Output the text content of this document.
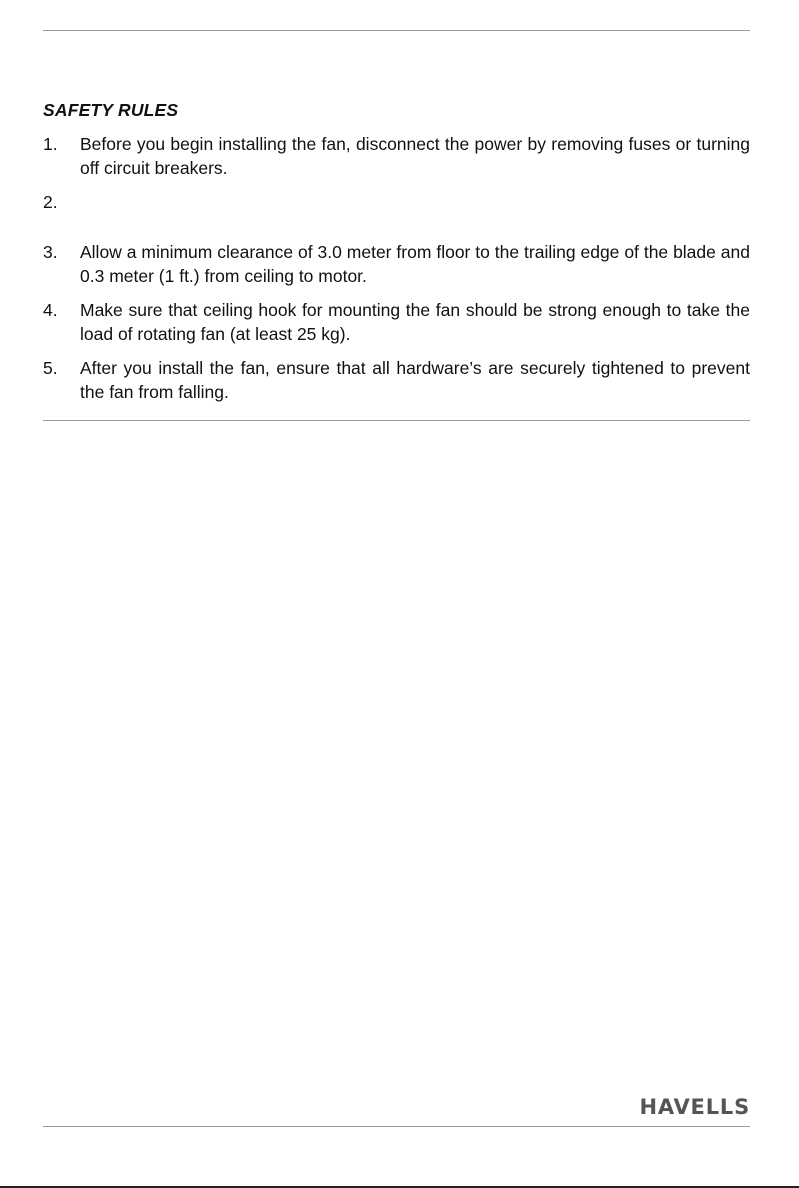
SAFETY RULES
1. Before you begin installing the fan, disconnect the power by removing fuses or turning off circuit breakers.
2.
3. Allow a minimum clearance of 3.0 meter from floor to the trailing edge of the blade and 0.3 meter (1 ft.) from ceiling to motor.
4. Make sure that ceiling hook for mounting the fan should be strong enough to take the load of rotating fan (at least 25 kg).
5. After you install the fan, ensure that all hardware’s are securely tightened to prevent the fan from falling.
HAVELLS
